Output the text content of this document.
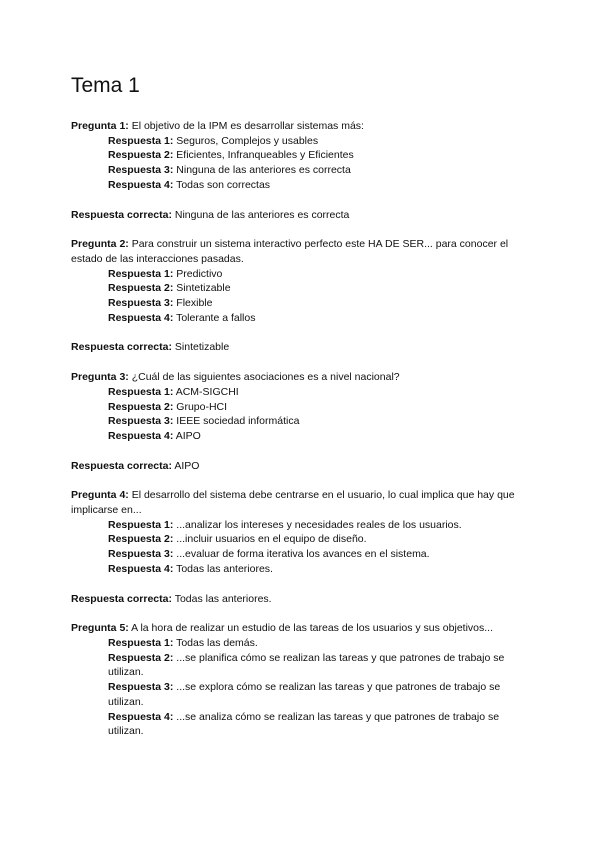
Tema 1

Pregunta 1: El objetivo de la IPM es desarrollar sistemas más:

Respuesta 1: Seguros, Complejos y usables

Respuesta 2: Eficientes, Infranqueables y Eficientes

Respuesta 3: Ninguna de las anteriores es correcta

Respuesta 4: Todas son correctas

Respuesta correcta: Ninguna de las anteriores es correcta

Pregunta 2: Para construir un sistema interactivo perfecto este HA DE SER... para conocer el estado de las interacciones pasadas.

Respuesta 1: Predictivo

Respuesta 2: Sintetizable

Respuesta 3: Flexible

Respuesta 4: Tolerante a fallos

Respuesta correcta: Sintetizable

Pregunta 3: ¿Cuál de las siguientes asociaciones es a nivel nacional?

Respuesta 1: ACM-SIGCHI

Respuesta 2: Grupo-HCI

Respuesta 3: IEEE sociedad informática

Respuesta 4: AIPO

Respuesta correcta: AIPO

Pregunta 4: El desarrollo del sistema debe centrarse en el usuario, lo cual implica que hay que implicarse en...

Respuesta 1: ...analizar los intereses y necesidades reales de los usuarios.

Respuesta 2: ...incluir usuarios en el equipo de diseño.

Respuesta 3: ...evaluar de forma iterativa los avances en el sistema.

Respuesta 4: Todas las anteriores.

Respuesta correcta: Todas las anteriores.

Pregunta 5: A la hora de realizar un estudio de las tareas de los usuarios y sus objetivos...

Respuesta 1: Todas las demás.

Respuesta 2: ...se planifica cómo se realizan las tareas y que patrones de trabajo se utilizan.

Respuesta 3: ...se explora cómo se realizan las tareas y que patrones de trabajo se utilizan.

Respuesta 4: ...se analiza cómo se realizan las tareas y que patrones de trabajo se utilizan.
